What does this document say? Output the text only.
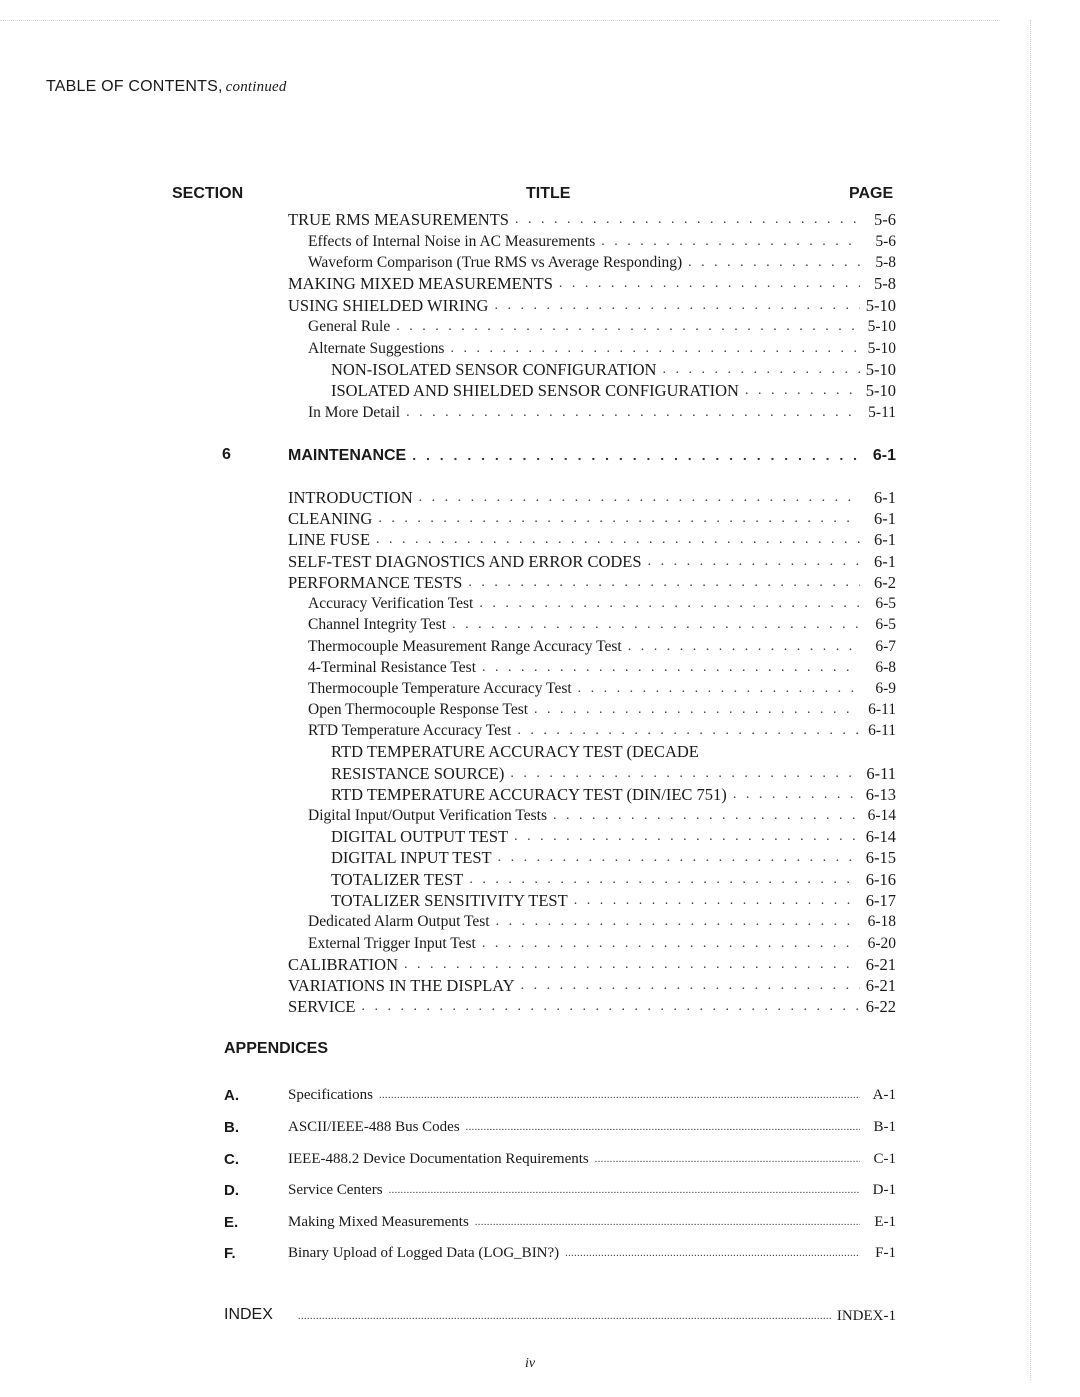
TABLE OF CONTENTS, continued
SECTION	TITLE	PAGE
TRUE RMS MEASUREMENTS . . .	5-6
Effects of Internal Noise in AC Measurements . . .	5-6
Waveform Comparison (True RMS vs Average Responding) . . .	5-8
MAKING MIXED MEASUREMENTS . . .	5-8
USING SHIELDED WIRING . . .	5-10
General Rule . . .	5-10
Alternate Suggestions . . .	5-10
NON-ISOLATED SENSOR CONFIGURATION . . .	5-10
ISOLATED AND SHIELDED SENSOR CONFIGURATION . . .	5-10
In More Detail . . .	5-11
6	MAINTENANCE . . .	6-1
INTRODUCTION . . .	6-1
CLEANING . . .	6-1
LINE FUSE . . .	6-1
SELF-TEST DIAGNOSTICS AND ERROR CODES . . .	6-1
PERFORMANCE TESTS . . .	6-2
Accuracy Verification Test . . .	6-5
Channel Integrity Test . . .	6-5
Thermocouple Measurement Range Accuracy Test . . .	6-7
4-Terminal Resistance Test . . .	6-8
Thermocouple Temperature Accuracy Test . . .	6-9
Open Thermocouple Response Test . . .	6-11
RTD Temperature Accuracy Test . . .	6-11
RTD TEMPERATURE ACCURACY TEST (DECADE
RESISTANCE SOURCE) . . .	6-11
RTD TEMPERATURE ACCURACY TEST (DIN/IEC 751) . . .	6-13
Digital Input/Output Verification Tests . . .	6-14
DIGITAL OUTPUT TEST . . .	6-14
DIGITAL INPUT TEST . . .	6-15
TOTALIZER TEST . . .	6-16
TOTALIZER SENSITIVITY TEST . . .	6-17
Dedicated Alarm Output Test . . .	6-18
External Trigger Input Test . . .	6-20
CALIBRATION . . .	6-21
VARIATIONS IN THE DISPLAY . . .	6-21
SERVICE . . .	6-22
APPENDICES
A.	Specifications .....	A-1
B.	ASCII/IEEE-488 Bus Codes .....	B-1
C.	IEEE-488.2 Device Documentation Requirements .....	C-1
D.	Service Centers .....	D-1
E.	Making Mixed Measurements .....	E-1
F.	Binary Upload of Logged Data (LOG_BIN?) .....	F-1
INDEX .....	INDEX-1
iv
